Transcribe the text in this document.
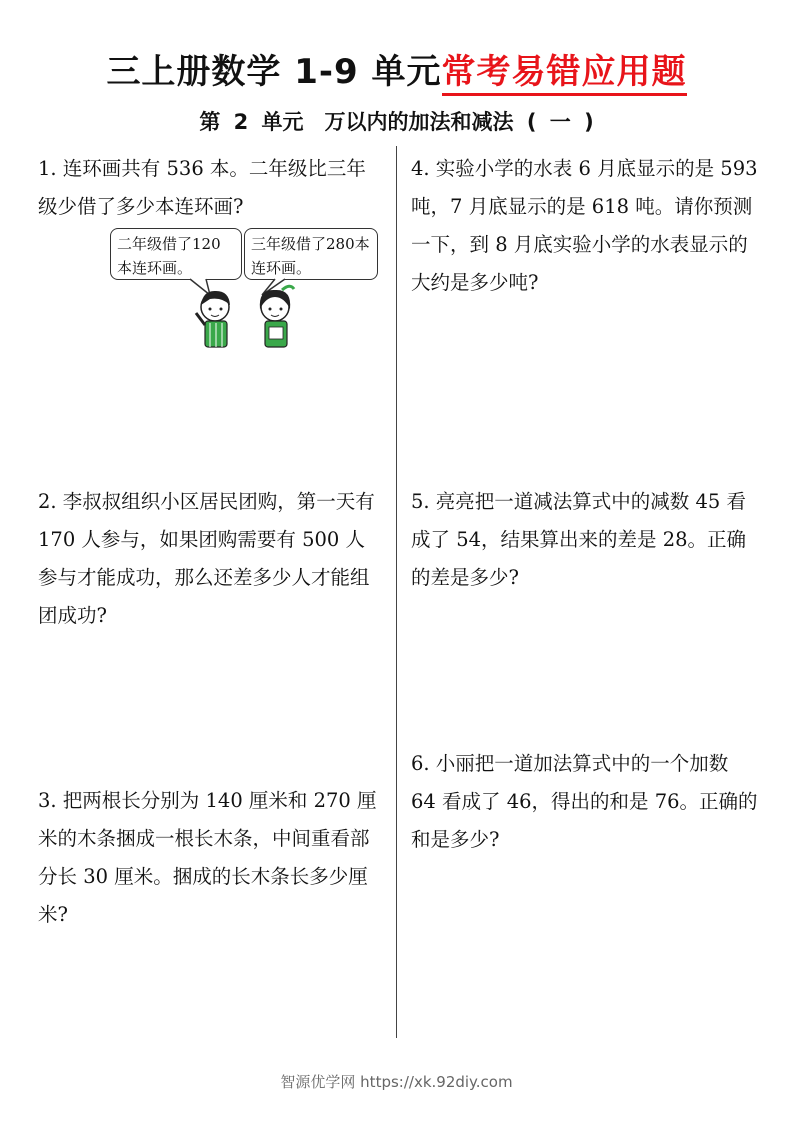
三上册数学 1-9 单元常考易错应用题
第 2 单元　万以内的加法和减法 ( 一 )
1. 连环画共有 536 本。二年级比三年级少借了多少本连环画?
二年级借了120本连环画。
三年级借了280本连环画。
2. 李叔叔组织小区居民团购，第一天有 170 人参与，如果团购需要有 500 人参与才能成功，那么还差多少人才能组团成功?
3. 把两根长分别为 140 厘米和 270 厘米的木条捆成一根长木条，中间重看部分长 30 厘米。捆成的长木条长多少厘米?
4. 实验小学的水表 6 月底显示的是 593 吨，7 月底显示的是 618 吨。请你预测一下，到 8 月底实验小学的水表显示的大约是多少吨?
5. 亮亮把一道减法算式中的减数 45 看成了 54，结果算出来的差是 28。正确的差是多少?
6. 小丽把一道加法算式中的一个加数 64 看成了 46，得出的和是 76。正确的和是多少?
智源优学网 https://xk.92diy.com
